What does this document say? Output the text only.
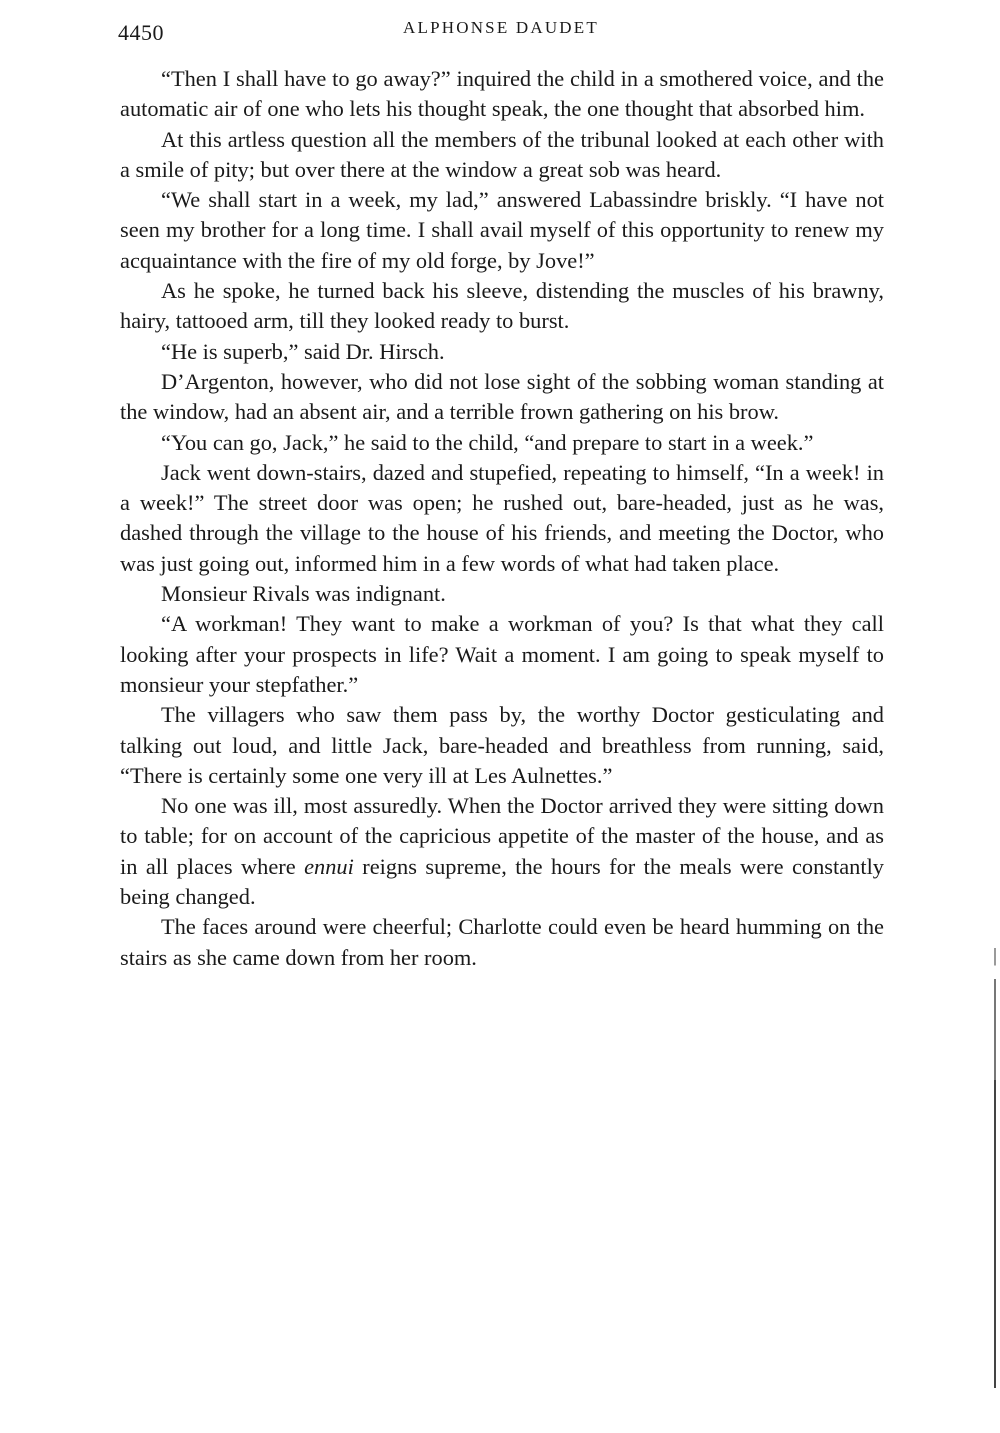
4450	ALPHONSE DAUDET

“Then I shall have to go away?” inquired the child in a smothered voice, and the automatic air of one who lets his thought speak, the one thought that absorbed him.

At this artless question all the members of the tribunal looked at each other with a smile of pity; but over there at the window a great sob was heard.

“We shall start in a week, my lad,” answered Labassindre briskly. “I have not seen my brother for a long time. I shall avail myself of this opportunity to renew my acquaintance with the fire of my old forge, by Jove!”

As he spoke, he turned back his sleeve, distending the muscles of his brawny, hairy, tattooed arm, till they looked ready to burst.

“He is superb,” said Dr. Hirsch.

D’Argenton, however, who did not lose sight of the sobbing woman standing at the window, had an absent air, and a terrible frown gathering on his brow.

“You can go, Jack,” he said to the child, “and prepare to start in a week.”

Jack went down-stairs, dazed and stupefied, repeating to himself, “In a week! in a week!” The street door was open; he rushed out, bare-headed, just as he was, dashed through the village to the house of his friends, and meeting the Doctor, who was just going out, informed him in a few words of what had taken place.

Monsieur Rivals was indignant.

“A workman! They want to make a workman of you? Is that what they call looking after your prospects in life? Wait a moment. I am going to speak myself to monsieur your stepfather.”

The villagers who saw them pass by, the worthy Doctor gesticulating and talking out loud, and little Jack, bare-headed and breathless from running, said, “There is certainly some one very ill at Les Aulnettes.”

No one was ill, most assuredly. When the Doctor arrived they were sitting down to table; for on account of the capricious appetite of the master of the house, and as in all places where ennui reigns supreme, the hours for the meals were constantly being changed.

The faces around were cheerful; Charlotte could even be heard humming on the stairs as she came down from her room.
